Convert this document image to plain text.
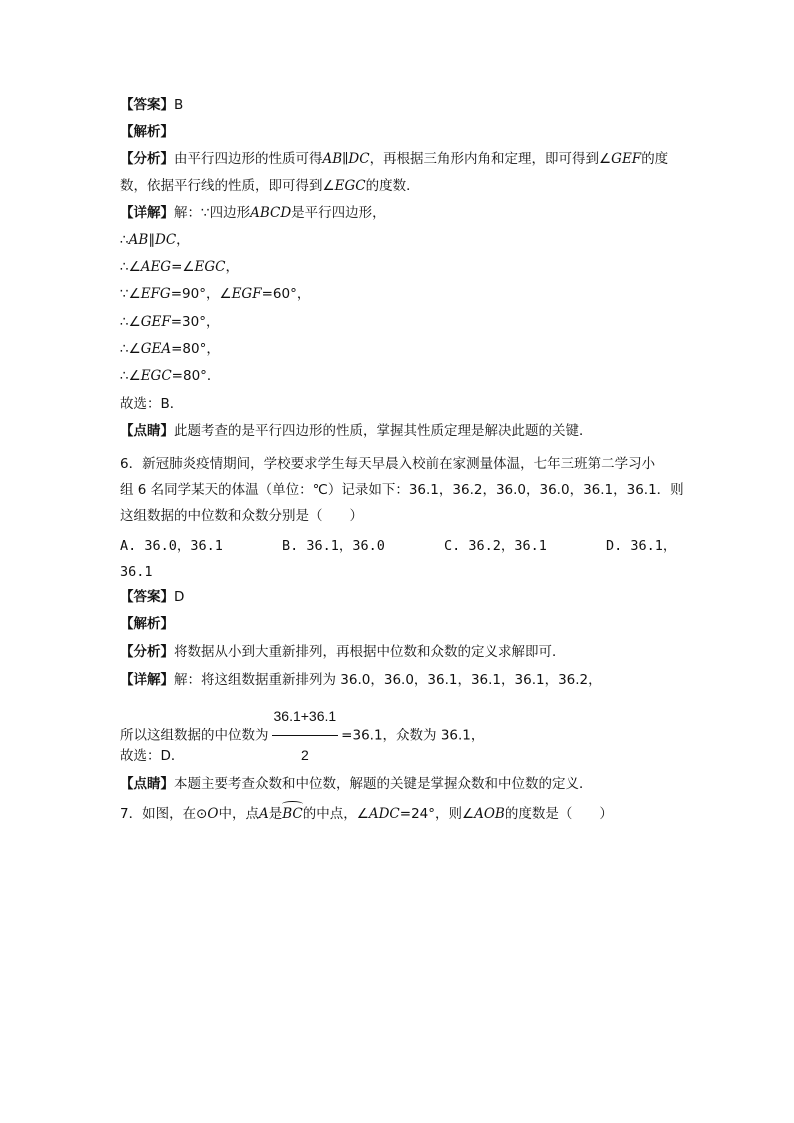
【答案】B
【解析】
【分析】由平行四边形的性质可得AB∥DC，再根据三角形内角和定理，即可得到∠GEF的度
数，依据平行线的性质，即可得到∠EGC的度数．
【详解】解：∵四边形ABCD是平行四边形，
∴AB∥DC，
∴∠AEG=∠EGC，
∵∠EFG=90°，∠EGF=60°，
∴∠GEF=30°，
∴∠GEA=80°，
∴∠EGC=80°．
故选：B．
【点睛】此题考查的是平行四边形的性质，掌握其性质定理是解决此题的关键．
6．新冠肺炎疫情期间，学校要求学生每天早晨入校前在家测量体温，七年三班第二学习小
组 6 名同学某天的体温（单位：℃）记录如下：36.1，36.2，36.0，36.0，36.1，36.1．则
这组数据的中位数和众数分别是（　　）
A. 36.0，36.1	B. 36.1，36.0	C. 36.2，36.1	D. 36.1，
36.1
【答案】D
【解析】
【分析】将数据从小到大重新排列，再根据中位数和众数的定义求解即可．
【详解】解：将这组数据重新排列为 36.0，36.0，36.1，36.1，36.1，36.2，
所以这组数据的中位数为 $\frac{36.1+36.1}{2} =36.1$，众数为 36.1，
故选：D．
【点睛】本题主要考查众数和中位数，解题的关键是掌握众数和中位数的定义．
7．如图，在⊙O中，点A是BC的中点，∠ADC=24°，则∠AOB的度数是（　　）
